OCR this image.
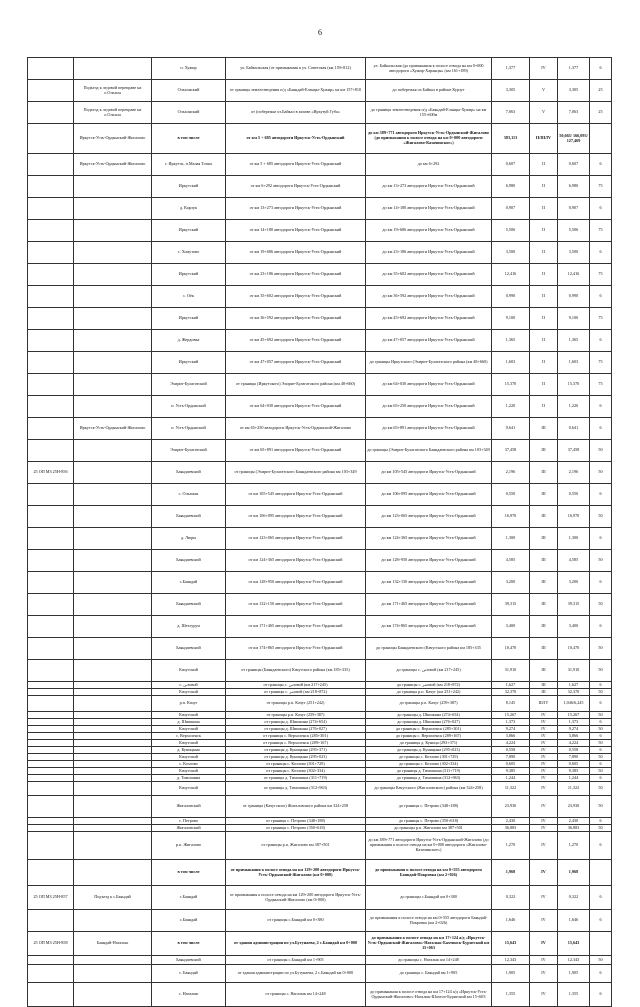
6
		п. Хужир	ул. Байкальская (от примыкания к ул. Советская (км 159+812)	ул. Байкальская (до примыкания к полосе отвода на км 0+000 автодороги «Хужир-Харанцы» (км 161+189)	1,377	IV	1,377	6
	Подъезд к ледовой переправе на о.Ольхон	Ольхонский	от границы землеотведения п/д «Баяндай-Еланцы-Хужир» на км 157+810	до побережья оз.Байкал в районе Курзут	3,305	V	3,305	25
	Подъезд к ледовой переправе на о.Ольхон	Ольхонский	от (побережье оз.Байкал в заливе «Ирхузуй Губа»	до границы землеотведения п/д «Баяндай-Еланцы-Хужир» на км 155+600м	7,063	V	7,063	25
	Иркутск-Усть-Ордынский-Жигалово	в том числе	от км 5 + 685 автодороги Иркутск-Усть-Ордынский	до км 389+771 автодороги Иркутск-Усть-Ордынский-Жигалово (до примыкания к полосе отвода на км 0+000 автодороги «Жигалово-Казачинское»)	383,113	II/III/IV	50,665/ 166,093/ 127,469	
	Иркутск-Усть-Ордынский-Жигалово	г. Иркутск, п.Малая Топка	от км 5 + 685 автодороги Иркутск-Усть-Ордынский	до км 6+292	0,607	II	0,607	6
		Иркутский	от км 6+292 автодороги Иркутск-Усть-Ордынский	до км 13+273 автодороги Иркутск-Усть-Ордынский	6,980	II	6,980	75
		д. Карлук	от км 13+273 автодороги Иркутск-Усть-Ордынский	до км 14+180 автодороги Иркутск-Усть-Ордынский	0,907	II	0,907	6
		Иркутский	от км 14+180 автодороги Иркутск-Усть-Ордынский	до км 19+686 автодороги Иркутск-Усть-Ордынский	5,506	II	5,506	75
		с. Хомутово	от км 19+686 автодороги Иркутск-Усть-Ордынский	до км 23+186 автодороги Иркутск-Усть-Ордынский	3,500	II	3,500	6
		Иркутский	от км 23+186 автодороги Иркутск-Усть-Ордынский	до км 35+602 автодороги Иркутск-Усть-Ордынский	12,416	II	12,416	75
		с. Оёк	от км 35+602 автодороги Иркутск-Усть-Ордынский	до км 36+592 автодороги Иркутск-Усть-Ордынский	0,990	II	0,990	6
		Иркутский	от км 36+592 автодороги Иркутск-Усть-Ордынский	до км 45+692 автодороги Иркутск-Усть-Ордынский	9,100	II	9,100	75
		д. Жердовка	от км 45+692 автодороги Иркутск-Усть-Ордынский	до км 47+057 автодороги Иркутск-Усть-Ордынский	1,365	II	1,365	6
		Иркутский	от км 47+057 автодороги Иркутск-Усть-Ордынский	до границы Иркутского (Эхирит-Булагатского района (км 48+660)	1,603	II	1,603	75
		Эхирит-Булагатский	от границы (Иркутского) Эхирит-Булагатского района (км 48+660)	до км 64+030 автодороги Иркутск-Усть-Ордынский	15,370	II	15,370	75
		п. Усть-Ордынский	от км 64+030 автодороги Иркутск-Усть-Ордынский	до км 65+250 автодороги Иркутск-Усть-Ордынский	1,220	II	1,220	6
	Иркутск-Усть-Ордынский-Жигалово	п. Усть-Ордынский	от км 65+250 автодороги Иркутск-Усть-Ордынский-Жигалово	до км 65+891 автодороги Иркутск-Усть-Ордынский	0,641	III	0,641	6
		Эхирит-Булагатский	от км 65+891 автодороги Иркутск-Усть-Ордынский	до границы (Эхирит-Булагатского Баяндаевского района км 103+349	37,458	III	37,458	50
25 ОП МЗ 25Н-856		Баяндаевский	от границы (Эхирит-Булагатского Баяндаевского района км 103+349	до км 105+545 автодороги Иркутск-Усть-Ордынский	2,196	III	2,196	50
		с. Ользоны	от км 105+545 автодороги Иркутск-Усть-Ордынский	до км 106+095 автодороги Иркутск-Усть-Ордынский	0,550	III	0,550	6
		Баяндаевский	от км 106+095 автодороги Иркутск-Усть-Ордынский	до км 123+065 автодороги Иркутск-Усть-Ордынский	16,970	III	16,970	50
		д. Люры	от км 123+065 автодороги Иркутск-Усть-Ордынский	до км 124+365 автодороги Иркутск-Усть-Ордынский	1,300	III	1,300	6
		Баяндаевский	от км 124+365 автодороги Иркутск-Усть-Ордынский	до км 128+950 автодороги Иркутск-Усть-Ордынский	4,585	III	4,585	50
		с.Баяндай	от км 128+950 автодороги Иркутск-Усть-Ордынский	до км 132+150 автодороги Иркутск-Усть-Ордынский	3,200	III	3,200	6
		Баяндаевский	от км 132+150 автодороги Иркутск-Усть-Ордынский	до км 171+465 автодороги Иркутск-Усть-Ордынский	39,315	III	39,315	50
		д. Шехгурун	от км 171+465 автодороги Иркутск-Усть-Ордынский	до км 174+865 автодороги Иркутск-Усть-Ордынский	3,400	III	3,400	6
		Баяндаевский	от км 174+865 автодороги Иркутск-Усть-Ордынский	до границы Баяндаевского (Качугского района км 185+335	10,470	III	10,470	50
		Качугский	от границы (Баяндаевского) Качугского района (км 185+335)	до границы с. ننзовой (км 217+245)	31,910	III	31,910	50
		с. ننзовой	от границы с. ننзовой (км 217+245)	до границы с. ننزовой (км 218+872)	1,627	III	1,627	6
		Качугский	от границы с. ننزовой (км 218+872)	до границы р.п. Качуг (км 251+242)	32,370	III	32,370	50
		р.п. Качуг	от границы р.п. Качуг (251+242)	до границы р.п. Качуг (259+387)	8,145	III/IV	1,046/6,245	6
		Качугский	от границы р.п. Качуг (259+387)	до границы д. Шишкина (274+654)	15,267	IV	15,267	50
		д. Шишкина	от границы д. Шишкина (274+654)	до границы д. Шишкина (276+027)	1,373	IV	1,373	6
		Качугский	от границы д. Шишкина (276+027)	до границы с. Верхоленск (285+301)	9,274	IV	9,274	50
		с. Верхоленск	от границы с. Верхоленск (285+301)	до границы с. Верхоленск (289+167)	3,866	IV	3,866	6
		Качугский	от границы с. Верхоленск (289+167)	до границы д. Куница (293+371)	4,224	IV	4,224	50
		д. Куницына	от границы д. Куницына (293+371)	до границы д. Куницына (295+023)	0,558	IV	0,558	6
		Качугский	от границы д. Куницына (295+023)	до границы с. Козлово (301+729)	7,890	IV	7,890	50
		с. Козлово	от границы с. Козлово (301+729)	до границы с. Козлово (302+334)	0,605	IV	0,605	6
		Качугский	от границы с. Козлово (302+334)	до границы д. Тимошина (311+719)	9,385	IV	9,385	50
		д. Тимошина	от границы д. Тимошина (311+719)	до границы д. Тимошина (312+963)	1,244	IV	1,244	6
		Качугский	от границы д. Тимошина (312+963)	до границы Качугского (Жигаловского) района (км 324+258)	11,322	IV	11,322	50
		Жигаловский	от границы (Качугского) Жигаловского района км 324+258	до границы с. Петрово (348+188)	23,930	IV	23,930	50
		с. Петрово	от границы с. Петрово (348+188)	до границы с. Петрово (350+618)	2,430	IV	2,430	6
		Жигаловский	от границы с. Петрово (350+618)	до границы р.п. Жигалово км 387+501	36,883	IV	36,883	50
		р.п. Жигалово	от границы р.п. Жигалово км 387+501	до км 389+771 автодороги Иркутск-Усть-Ордынский-Жигалово (до примыкания к полосе отвода на км 0+000 автодороги «Жигалово-Казачинское»)	1,270	IV	1,270	6
		в том числе	от примыкания к полосе отвода на км 129+200 автодороги Иркутск-Усть-Ордынский-Жигалово (км 0+000)	до примыкания к полосе отвода на км 0+555 автодороги Баяндай-Покровка (км 2+026)	1,968	IV	1,968	
25 ОП МЗ 25Н-857	Подъезд к с.Баяндай	с.Баяндай	от примыкания к полосе отвода на км 129+200 автодороги Иркутск-Усть-Ордынский-Жигалово (км 0+000)	до границы с.Баяндай км 0+380	0,322	IV	0,322	6
		с.Баяндай	от границы с.Баяндай км 0+380	до примыкания к полосе отвода на км 0+555 автодороги Баяндай-Покровка (км 2+026)	1,646	IV	1,646	6
25 ОП МЗ 25Н-858	Баяндай-Нагалык	в том числе	от здания администрации по ул.Бутунаева, 2 с.Баяндай км 0+000	до примыкания к полосе отвода на км 17+124 а/д «Иркутск-Усть-Ордынский-Жигалово»-Нагалык-Бахтинск-Бурятский км 15+063	15,643	IV	15,643	
		Баяндаевский	от границы с.Баяндай км 1+905	до границы с. Нагалык км 14+248	12,343	IV	12,343	50
		с. Баяндай	от здания администрации по ул.Бутунаева, 2 с.Баяндай км 0+000	до границы с. Баяндай км 1+905	1,905	IV	1,905	6
		с. Нагалык	от границы с. Нагалык км 14+248	до примыкания к полосе отвода на км 17+124 а/д «Иркутск-Усть-Ордынский-Жигалово»-Нагалык-Шохтоо-Бурятский км 15+603	1,355	IV	1,355	6
